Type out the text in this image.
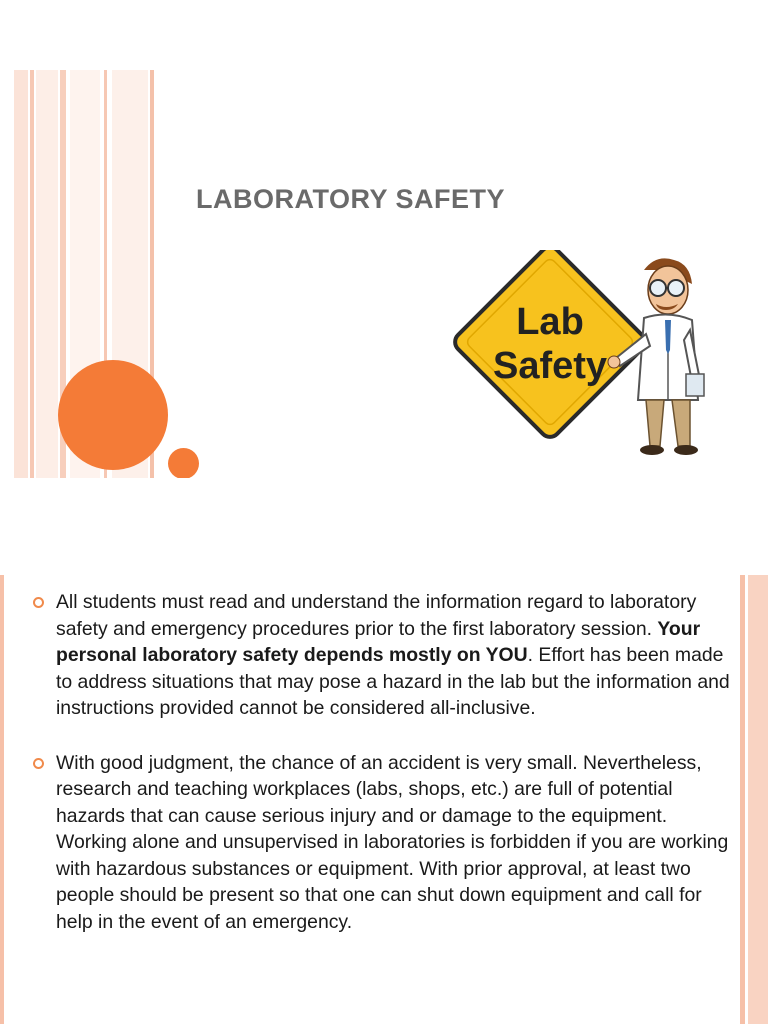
LABORATORY SAFETY
Lab
Safety
All students must read and understand the information regard to laboratory safety and emergency procedures prior to the first laboratory session. Your personal laboratory safety depends mostly on YOU. Effort has been made to address situations that may pose a hazard in the lab but the information and instructions provided cannot be considered all-inclusive.
With good judgment, the chance of an accident is very small. Nevertheless, research and teaching workplaces (labs, shops, etc.) are full of potential hazards that can cause serious injury and or damage to the equipment. Working alone and unsupervised in laboratories is forbidden if you are working with hazardous substances or equipment. With prior approval, at least two people should be present so that one can shut down equipment and call for help in the event of an emergency.
